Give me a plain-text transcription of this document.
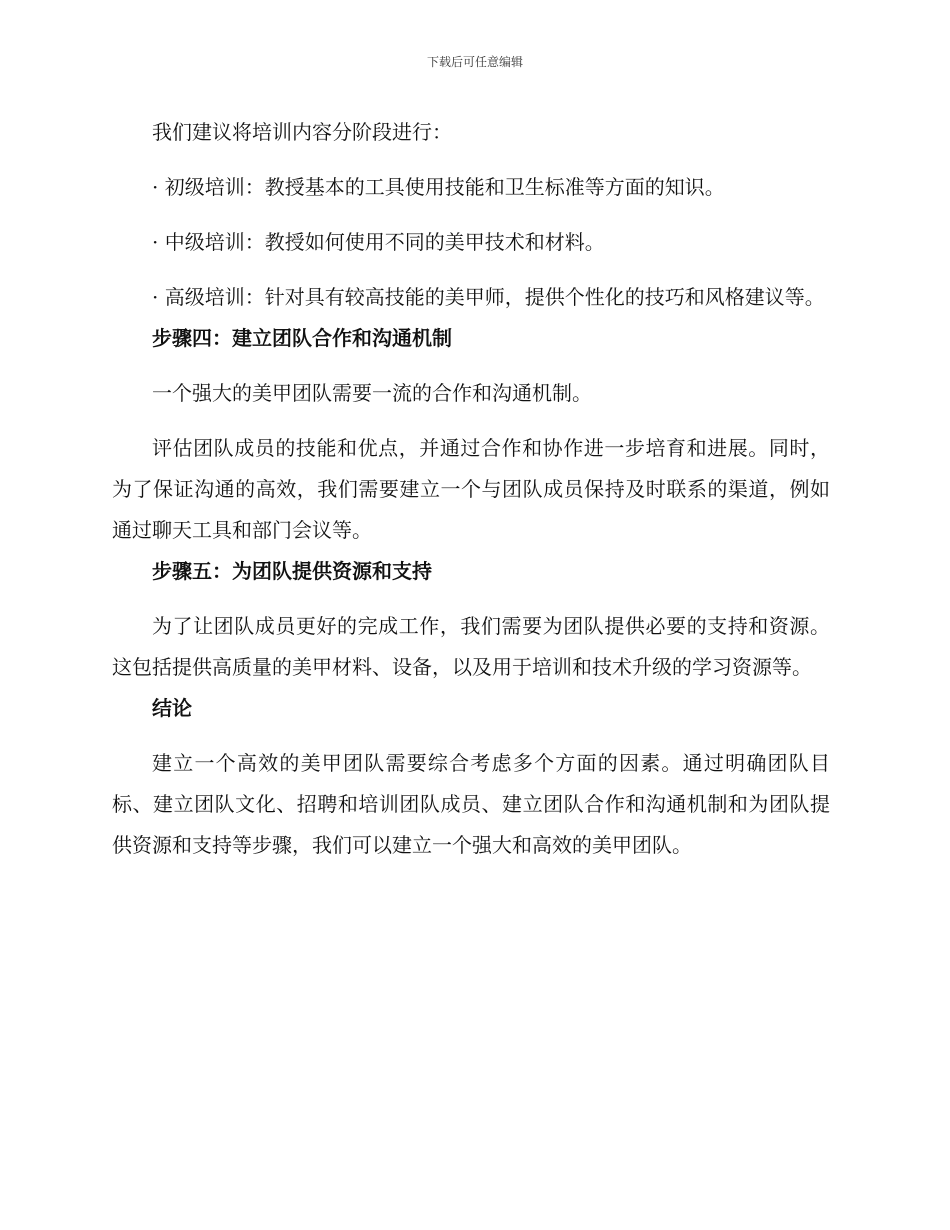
下载后可任意编辑

我们建议将培训内容分阶段进行：

· 初级培训：教授基本的工具使用技能和卫生标准等方面的知识。

· 中级培训：教授如何使用不同的美甲技术和材料。

· 高级培训：针对具有较高技能的美甲师，提供个性化的技巧和风格建议等。

步骤四：建立团队合作和沟通机制

一个强大的美甲团队需要一流的合作和沟通机制。

评估团队成员的技能和优点，并通过合作和协作进一步培育和进展。同时，为了保证沟通的高效，我们需要建立一个与团队成员保持及时联系的渠道，例如通过聊天工具和部门会议等。

步骤五：为团队提供资源和支持

为了让团队成员更好的完成工作，我们需要为团队提供必要的支持和资源。这包括提供高质量的美甲材料、设备，以及用于培训和技术升级的学习资源等。

结论

建立一个高效的美甲团队需要综合考虑多个方面的因素。通过明确团队目标、建立团队文化、招聘和培训团队成员、建立团队合作和沟通机制和为团队提供资源和支持等步骤，我们可以建立一个强大和高效的美甲团队。
